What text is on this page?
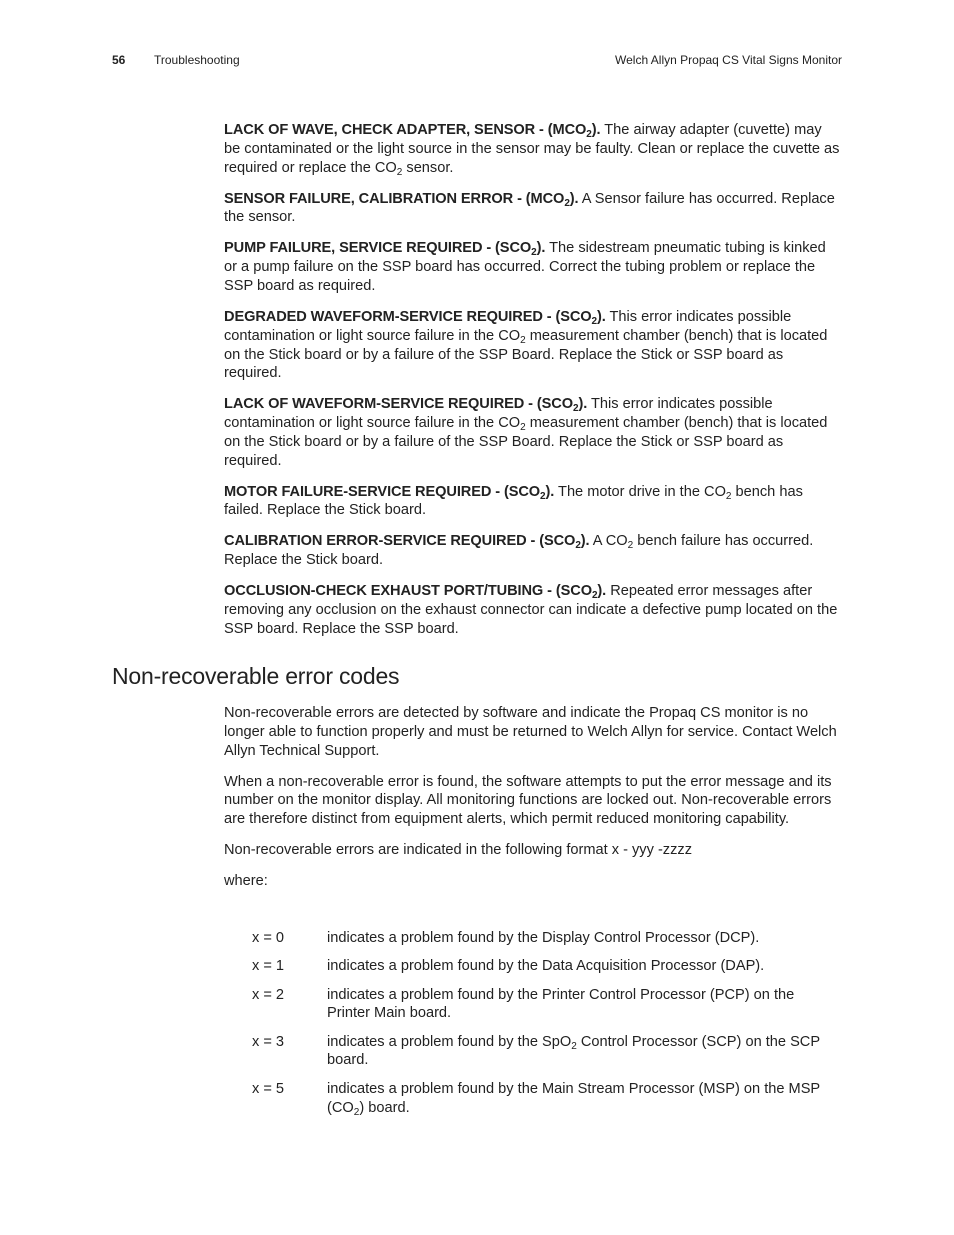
56 Troubleshooting	Welch Allyn Propaq CS Vital Signs Monitor

LACK OF WAVE, CHECK ADAPTER, SENSOR - $(MCO_2)$. The airway adapter (cuvette) may be contaminated or the light source in the sensor may be faulty. Clean or replace the cuvette as required or replace the $CO_2$ sensor.

SENSOR FAILURE, CALIBRATION ERROR - $(MCO_2)$. A Sensor failure has occurred. Replace the sensor.

PUMP FAILURE, SERVICE REQUIRED - $(SCO_2)$. The sidestream pneumatic tubing is kinked or a pump failure on the SSP board has occurred. Correct the tubing problem or replace the SSP board as required.

DEGRADED WAVEFORM-SERVICE REQUIRED - $(SCO_2)$. This error indicates possible contamination or light source failure in the $CO_2$ measurement chamber (bench) that is located on the Stick board or by a failure of the SSP Board. Replace the Stick or SSP board as required.

LACK OF WAVEFORM-SERVICE REQUIRED - $(SCO_2)$. This error indicates possible contamination or light source failure in the $CO_2$ measurement chamber (bench) that is located on the Stick board or by a failure of the SSP Board. Replace the Stick or SSP board as required.

MOTOR FAILURE-SERVICE REQUIRED - $(SCO_2)$. The motor drive in the $CO_2$ bench has failed. Replace the Stick board.

CALIBRATION ERROR-SERVICE REQUIRED - $(SCO_2)$. A $CO_2$ bench failure has occurred. Replace the Stick board.

OCCLUSION-CHECK EXHAUST PORT/TUBING - $(SCO_2)$. Repeated error messages after removing any occlusion on the exhaust connector can indicate a defective pump located on the SSP board. Replace the SSP board.

Non-recoverable error codes

Non-recoverable errors are detected by software and indicate the Propaq CS monitor is no longer able to function properly and must be returned to Welch Allyn for service. Contact Welch Allyn Technical Support.

When a non-recoverable error is found, the software attempts to put the error message and its number on the monitor display. All monitoring functions are locked out. Non-recoverable errors are therefore distinct from equipment alerts, which permit reduced monitoring capability.

Non-recoverable errors are indicated in the following format x - yyy -zzzz

where:

x = 0	indicates a problem found by the Display Control Processor (DCP).
x = 1	indicates a problem found by the Data Acquisition Processor (DAP).
x = 2	indicates a problem found by the Printer Control Processor (PCP) on the Printer Main board.
x = 3	indicates a problem found by the SpO$_2$ Control Processor (SCP) on the SCP board.
x = 5	indicates a problem found by the Main Stream Processor (MSP) on the MSP $(CO_2)$ board.
